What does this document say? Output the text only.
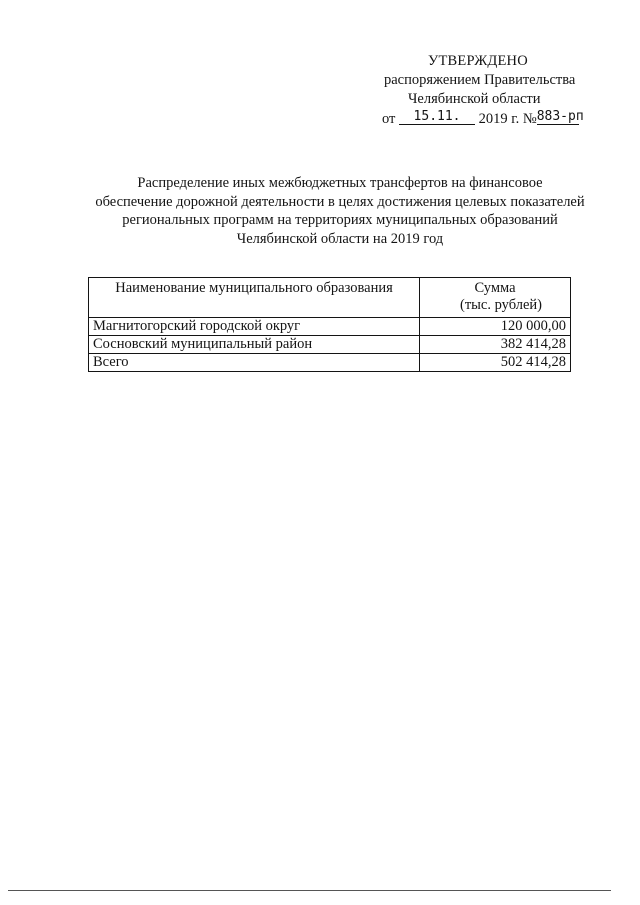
УТВЕРЖДЕНО
распоряжением Правительства
Челябинской области
от 15.11. 2019 г. №883-рп
Распределение иных межбюджетных трансфертов на финансовое
обеспечение дорожной деятельности в целях достижения целевых показателей
региональных программ на территориях муниципальных образований
Челябинской области на 2019 год
Наименование муниципального образования	Сумма
(тыс. рублей)

Магнитогорский городской округ	120 000,00
Сосновский муниципальный район	382 414,28
Всего	502 414,28
